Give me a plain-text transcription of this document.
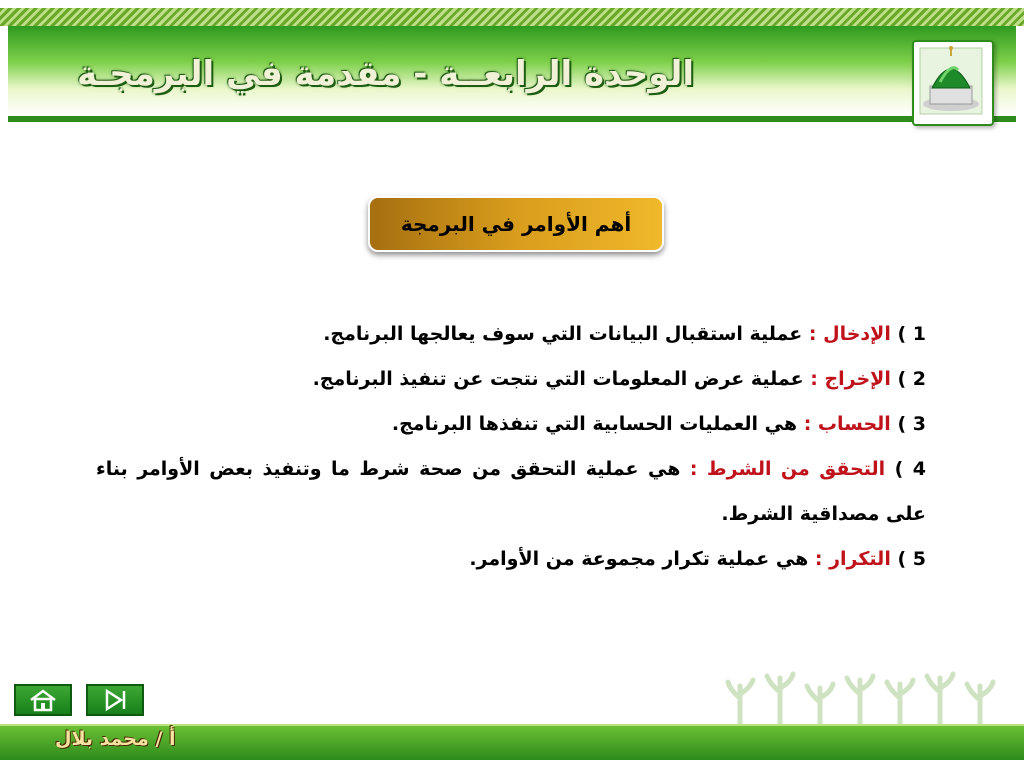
الوحدة الرابعــة - مقدمة في البرمجـة
أهم الأوامر في البرمجة

1 ) الإدخال : عملية استقبال البيانات التي سوف يعالجها البرنامج.

2 ) الإخراج : عملية عرض المعلومات التي نتجت عن تنفيذ البرنامج.

3 ) الحساب : هي العمليات الحسابية التي تنفذها البرنامج.

4 ) التحقق من الشرط : هي عملية التحقق من صحة شرط ما وتنفيذ بعض الأوامر بناء على مصداقية الشرط.

5 ) التكرار : هي عملية تكرار مجموعة من الأوامر.

أ / محمد بلال
